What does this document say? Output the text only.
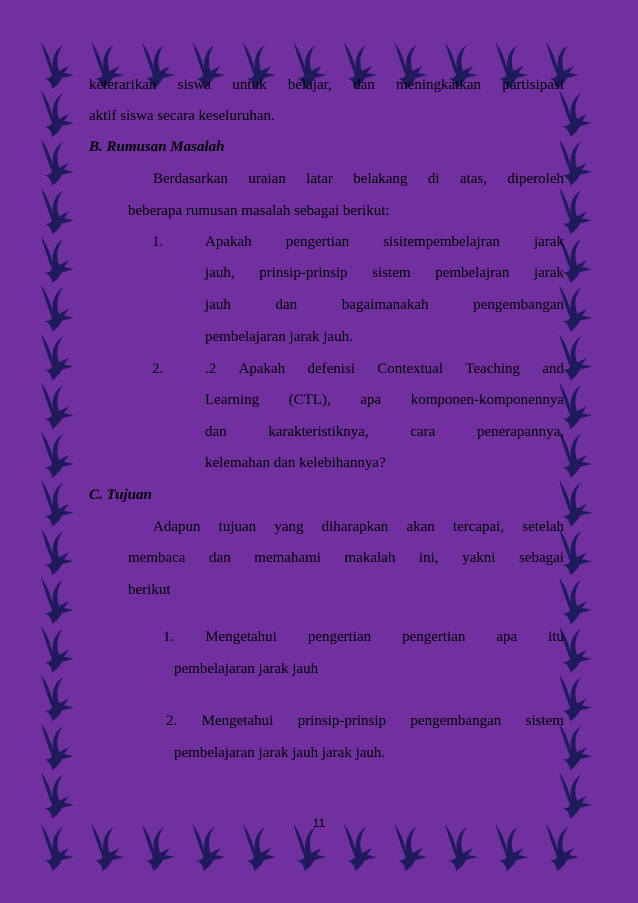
keterarikan siswa untuk belajar, dan meningkatkan partisipasi
aktif siswa secara keseluruhan.
B. Rumusan Masalah
Berdasarkan uraian latar belakang di atas, diperoleh
beberapa rumusan masalah sebagai berikut:
1.	Apakah pengertian sisitempembelajran jarak
jauh, prinsip-prinsip sistem pembelajran jarak
jauh	dan	bagaimanakah	pengembangan
pembelajaran jarak jauh.
2.	.2 Apakah defenisi Contextual Teaching and
Learning (CTL), apa komponen-komponennya
dan	karakteristiknya,	cara	penerapannya,
kelemahan dan kelebihannya?
C. Tujuan
Adapun tujuan yang diharapkan akan tercapai, setelah
membaca dan memahami makalah ini, yakni sebagai
berikut
1. Mengetahui pengertian pengertian apa itu
pembelajaran jarak jauh
2. Mengetahui prinsip-prinsip pengembangan sistem
pembelajaran jarak jauh jarak jauh.
11
